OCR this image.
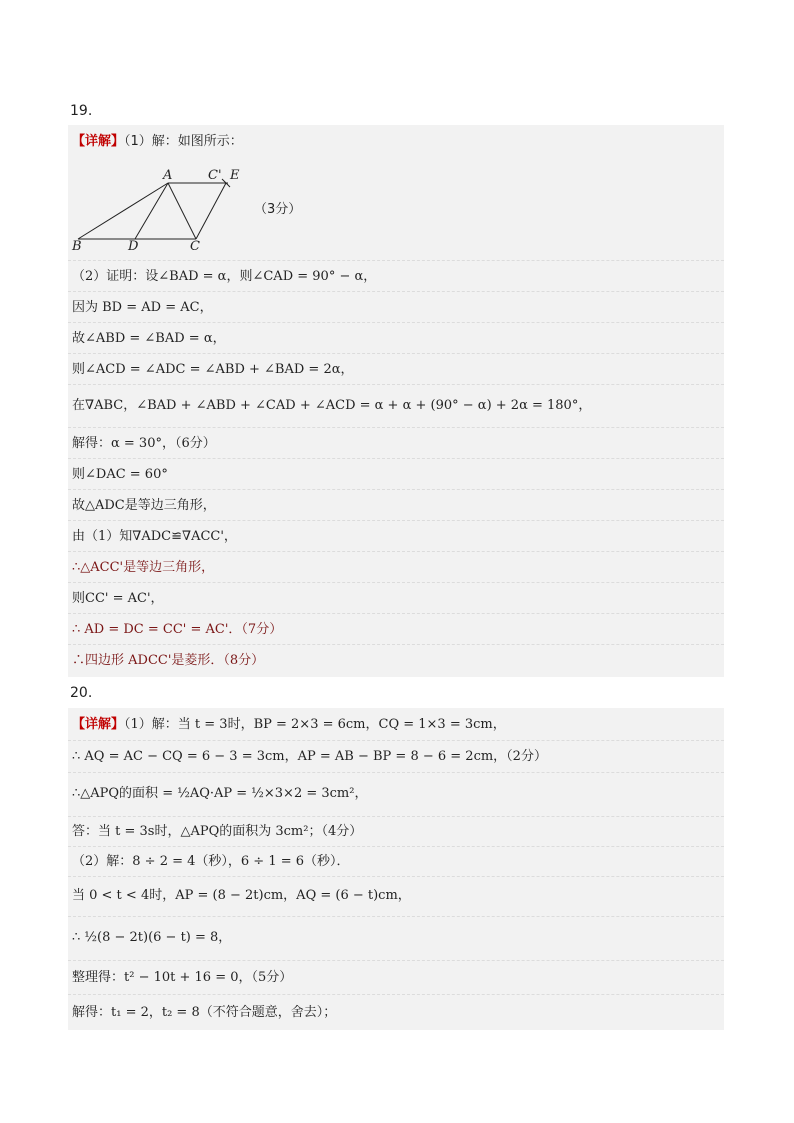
19.
【详解】（1）解：如图所示：
A	C' E
B	D	C
（3分）
（2）证明：设∠BAD = α，则∠CAD = 90° − α，
因为 BD = AD = AC，
故∠ABD = ∠BAD = α，
则∠ACD = ∠ADC = ∠ABD + ∠BAD = 2α，
在∇ABC，∠BAD + ∠ABD + ∠CAD + ∠ACD = α + α + (90° − α) + 2α = 180°，
解得：α = 30°，（6分）
则∠DAC = 60°
故△ADC是等边三角形，
由（1）知∇ADC≌∇ACC'，
∴△ACC'是等边三角形，
则CC' = AC'，
∴ AD = DC = CC' = AC'．（7分）
∴四边形 ADCC'是菱形．（8分）
20.
【详解】（1）解：当 t = 3时，BP = 2×3 = 6cm，CQ = 1×3 = 3cm，
∴ AQ = AC − CQ = 6 − 3 = 3cm，AP = AB − BP = 8 − 6 = 2cm，（2分）
∴△APQ的面积 = ½AQ·AP = ½×3×2 = 3cm²，
答：当 t = 3s时，△APQ的面积为 3cm²；（4分）
（2）解：8 ÷ 2 = 4（秒），6 ÷ 1 = 6（秒）．
当 0 < t < 4时，AP = (8 − 2t)cm，AQ = (6 − t)cm，
∴ ½(8 − 2t)(6 − t) = 8，
整理得：t² − 10t + 16 = 0，（5分）
解得：t₁ = 2，t₂ = 8（不符合题意，舍去）；
